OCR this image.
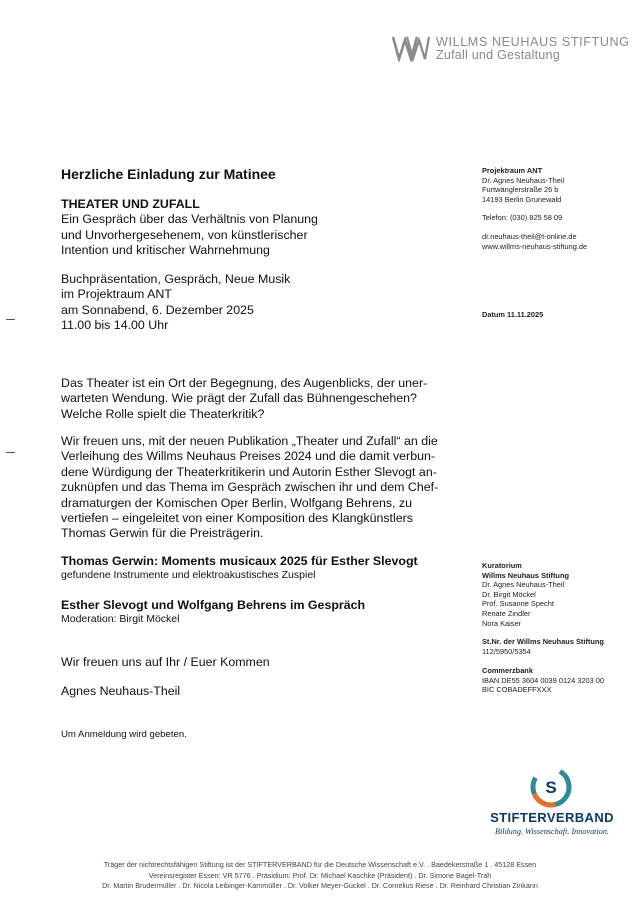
WILLMS NEUHAUS STIFTUNG
Zufall und Gestaltung
Herzliche Einladung zur Matinee

THEATER UND ZUFALL

Ein Gespräch über das Verhältnis von Planung

und Unvorhergesehenem, von künstlerischer

Intention und kritischer Wahrnehmung

Buchpräsentation, Gespräch, Neue Musik

im Projektraum ANT

am Sonnabend, 6. Dezember 2025

11.00 bis 14.00 Uhr

Das Theater ist ein Ort der Begegnung, des Augenblicks, der uner-

warteten Wendung. Wie prägt der Zufall das Bühnengeschehen?

Welche Rolle spielt die Theaterkritik?

Wir freuen uns, mit der neuen Publikation „Theater und Zufall“ an die

Verleihung des Willms Neuhaus Preises 2024 und die damit verbun-

dene Würdigung der Theaterkritikerin und Autorin Esther Slevogt an-

zuknüpfen und das Thema im Gespräch zwischen ihr und dem Chef-

dramaturgen der Komischen Oper Berlin, Wolfgang Behrens, zu

vertiefen – eingeleitet von einer Komposition des Klangkünstlers

Thomas Gerwin für die Preisträgerin.

Thomas Gerwin: Moments musicaux 2025 für Esther Slevogt

gefundene Instrumente und elektroakustisches Zuspiel

Esther Slevogt und Wolfgang Behrens im Gespräch

Moderation: Birgit Möckel

Wir freuen uns auf Ihr / Euer Kommen
Agnes Neuhaus-Theil
Um Anmeldung wird gebeten.

Projektraum ANT

Dr. Agnes Neuhaus-Theil

Furtwänglerstraße 26 b

14193 Berlin Grunewald

Telefon: (030) 825 58 09

dr.neuhaus-theil@t-online.de

www.willms-neuhaus-stiftung.de

Datum 11.11.2025

Kuratorium

Willms Neuhaus Stiftung

Dr. Agnes Neuhaus-Theil

Dr. Birgit Möckel

Prof. Susanne Specht

Renate Zindler

Nora Kaiser

St.Nr. der Willms Neuhaus Stiftung

112/5950/5354

Commerzbank

IBAN DE55 3604 0039 0124 3203 00

BIC COBADEFFXXX

S
STIFTERVERBAND
Bildung. Wissenschaft. Innovation.

Träger der nichtrechtsfähigen Stiftung ist der STIFTERVERBAND für die Deutsche Wissenschaft e.V. . Baedekerstraße 1 . 45128 Essen

Vereinsregister Essen: VR 5776 . Präsidium: Prof. Dr. Michael Kaschke (Präsident) . Dr. Simone Bagel-Trah

Dr. Martin Brudermüller . Dr. Nicola Leibinger-Kammüller . Dr. Volker Meyer-Guckel . Dr. Cornelius Riese . Dr. Reinhard Christian Zinkann
